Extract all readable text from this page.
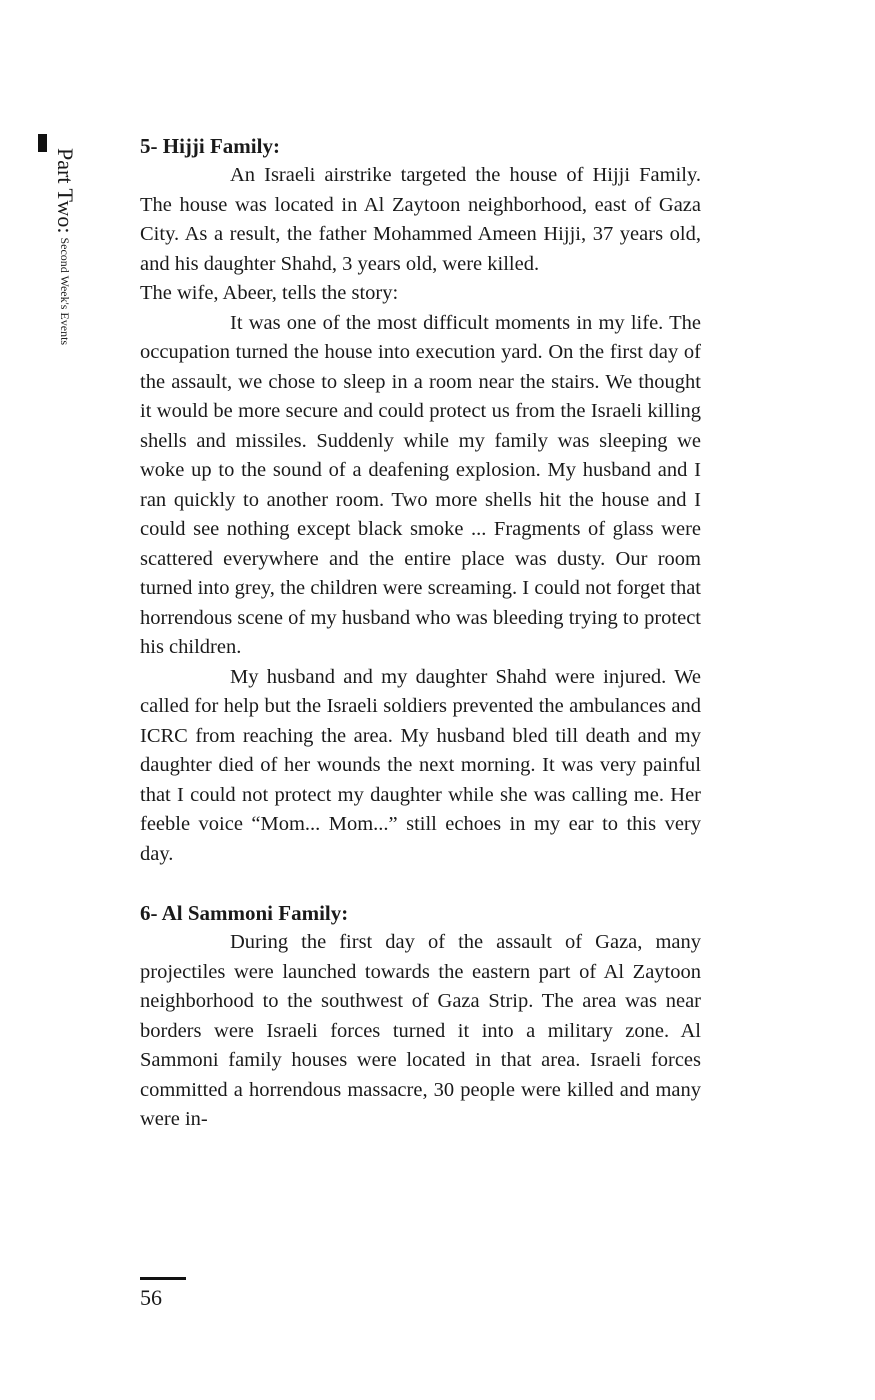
Part Two: Second Week's Events
5- Hijji Family:

An Israeli airstrike targeted the house of Hijji Family. The house was located in Al Zaytoon neighborhood, east of Gaza City. As a result, the father Mohammed Ameen Hijji, 37 years old, and his daughter Shahd, 3 years old, were killed.

The wife, Abeer, tells the story:

It was one of the most difficult moments in my life. The occupation turned the house into execution yard. On the first day of the assault, we chose to sleep in a room near the stairs. We thought it would be more secure and could protect us from the Israeli killing shells and missiles. Suddenly while my family was sleeping we woke up to the sound of a deafening explosion. My husband and I ran quickly to another room. Two more shells hit the house and I could see nothing except black smoke ... Fragments of glass were scattered everywhere and the entire place was dusty. Our room turned into grey, the children were screaming. I could not forget that horrendous scene of my husband who was bleeding trying to protect his children.

My husband and my daughter Shahd were injured. We called for help but the Israeli soldiers prevented the ambulances and ICRC from reaching the area. My husband bled till death and my daughter died of her wounds the next morning. It was very painful that I could not protect my daughter while she was calling me. Her feeble voice “Mom... Mom...” still echoes in my ear to this very day.

6- Al Sammoni Family:

During the first day of the assault of Gaza, many projectiles were launched towards the eastern part of Al Zaytoon neighborhood to the southwest of Gaza Strip. The area was near borders were Israeli forces turned it into a military zone. Al Sammoni family houses were located in that area. Israeli forces committed a horrendous massacre, 30 people were killed and many were in-

56
